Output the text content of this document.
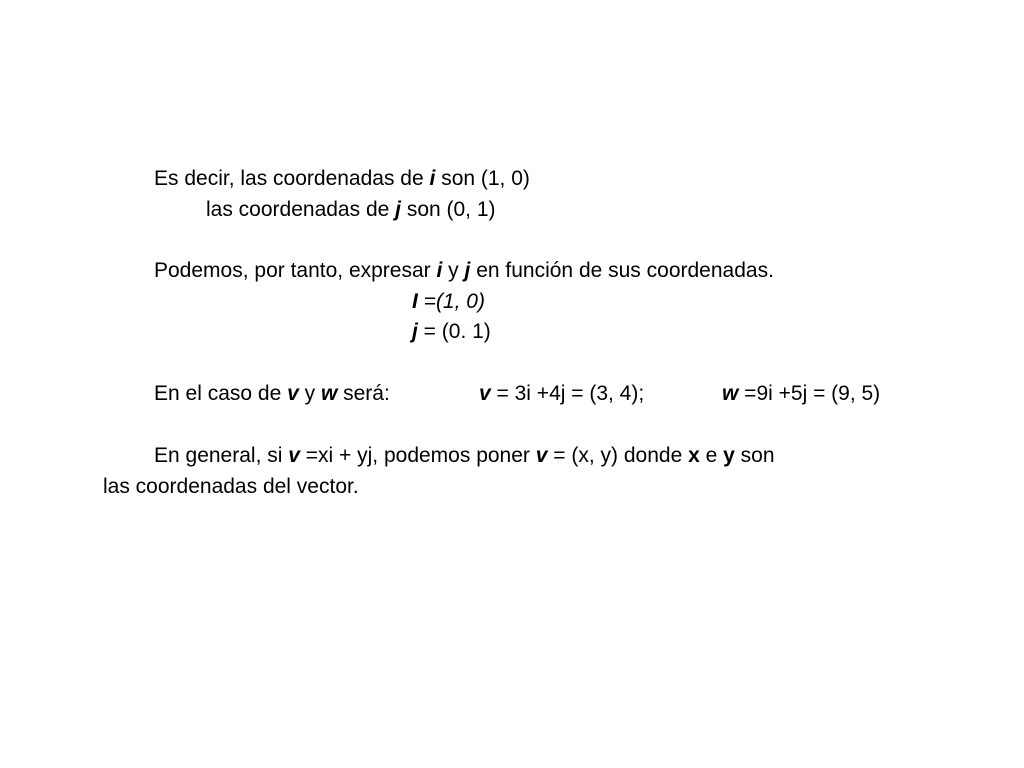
Es decir, las coordenadas de i son (1, 0)
las coordenadas de j son (0, 1)
Podemos, por tanto, expresar i y j en función de sus coordenadas.
I =(1, 0)
j = (0. 1)
En el caso de v y w será:	v = 3i +4j = (3, 4);	w =9i +5j = (9, 5)
En general, si v =xi + yj, podemos poner v = (x, y) donde x e y son
las coordenadas del vector.
